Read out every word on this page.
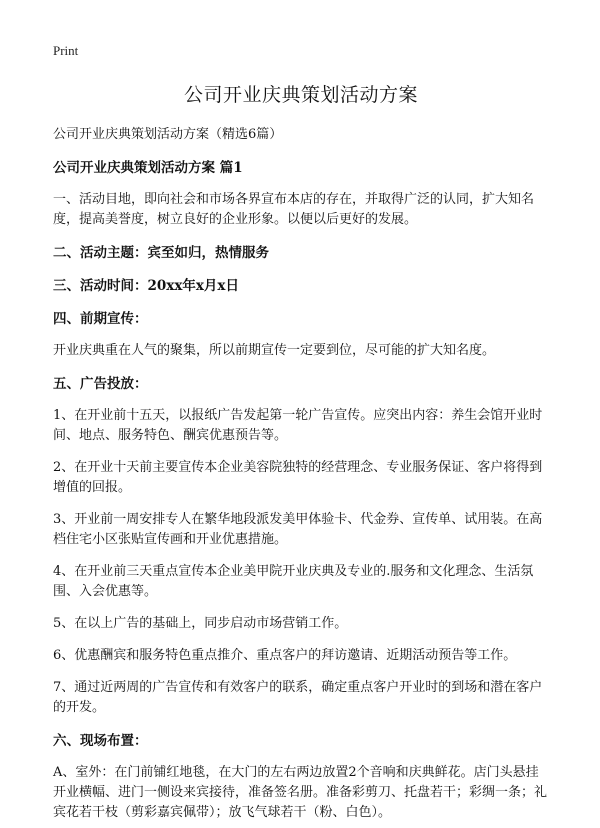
Print

公司开业庆典策划活动方案

公司开业庆典策划活动方案（精选6篇）

公司开业庆典策划活动方案 篇1

一、活动目地，即向社会和市场各界宣布本店的存在，并取得广泛的认同，扩大知名度，提高美誉度，树立良好的企业形象。以便以后更好的发展。

二、活动主题：宾至如归，热情服务

三、活动时间：20xx年x月x日

四、前期宣传：

开业庆典重在人气的聚集，所以前期宣传一定要到位，尽可能的扩大知名度。

五、广告投放：

1、在开业前十五天，以报纸广告发起第一轮广告宣传。应突出内容：养生会馆开业时间、地点、服务特色、酬宾优惠预告等。

2、在开业十天前主要宣传本企业美容院独特的经营理念、专业服务保证、客户将得到增值的回报。

3、开业前一周安排专人在繁华地段派发美甲体验卡、代金券、宣传单、试用装。在高档住宅小区张贴宣传画和开业优惠措施。

4、在开业前三天重点宣传本企业美甲院开业庆典及专业的.服务和文化理念、生活氛围、入会优惠等。

5、在以上广告的基础上，同步启动市场营销工作。

6、优惠酬宾和服务特色重点推介、重点客户的拜访邀请、近期活动预告等工作。

7、通过近两周的广告宣传和有效客户的联系，确定重点客户开业时的到场和潜在客户的开发。

六、现场布置：

A、室外：在门前铺红地毯，在大门的左右两边放置2个音响和庆典鲜花。店门头悬挂开业横幅、进门一侧设来宾接待，准备签名册。准备彩剪刀、托盘若干；彩绸一条；礼宾花若干枝（剪彩嘉宾佩带）；放飞气球若干（粉、白色）。
